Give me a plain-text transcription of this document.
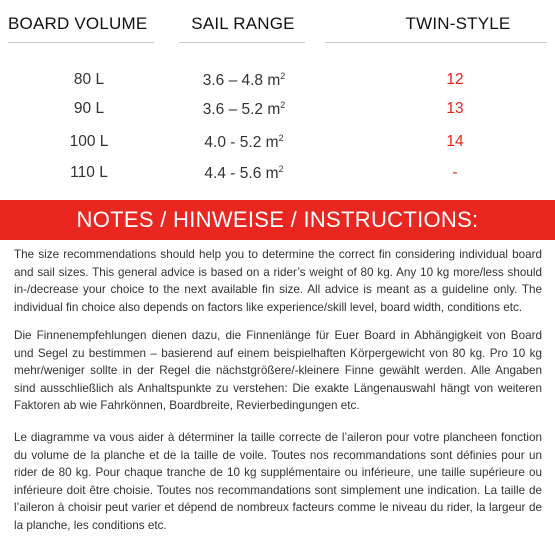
BOARD VOLUME	SAIL RANGE	TWIN-STYLE
80 L	3.6 – 4.8 $m^2$	12
90 L	3.6 – 5.2 $m^2$	13
100 L	4.0 - 5.2 $m^2$	14
110 L	4.4 - 5.6 $m^2$	-
NOTES / HINWEISE / INSTRUCTIONS:

The size recommendations should help you to determine the correct fin considering individual board and sail sizes. This general advice is based on a rider’s weight of 80 kg. Any 10 kg more/less should in-/decrease your choice to the next available fin size. All advice is meant as a guideline only. The individual fin choice also depends on factors like experience/skill level, board width, conditions etc.

Die Finnenempfehlungen dienen dazu, die Finnenlänge für Euer Board in Abhängigkeit von Board und Segel zu bestimmen – basierend auf einem beispielhaften Körpergewicht von 80 kg. Pro 10 kg mehr/weniger sollte in der Regel die nächstgrößere/-kleinere Finne gewählt werden. Alle Angaben sind ausschließlich als Anhaltspunkte zu verstehen: Die exakte Längenauswahl hängt von weiteren Faktoren ab wie Fahrkönnen, Boardbreite, Revierbedingungen etc.

Le diagramme va vous aider à déterminer la taille correcte de l’aileron pour votre plancheen fonction du volume de la planche et de la taille de voile. Toutes nos recommandations sont définies pour un rider de 80 kg. Pour chaque tranche de 10 kg supplémentaire ou inférieure, une taille supérieure ou inférieure doit être choisie. Toutes nos recommandations sont simplement une indication. La taille de l’aileron à choisir peut varier et dépend de nombreux facteurs comme le niveau du rider, la largeur de la planche, les conditions etc.
